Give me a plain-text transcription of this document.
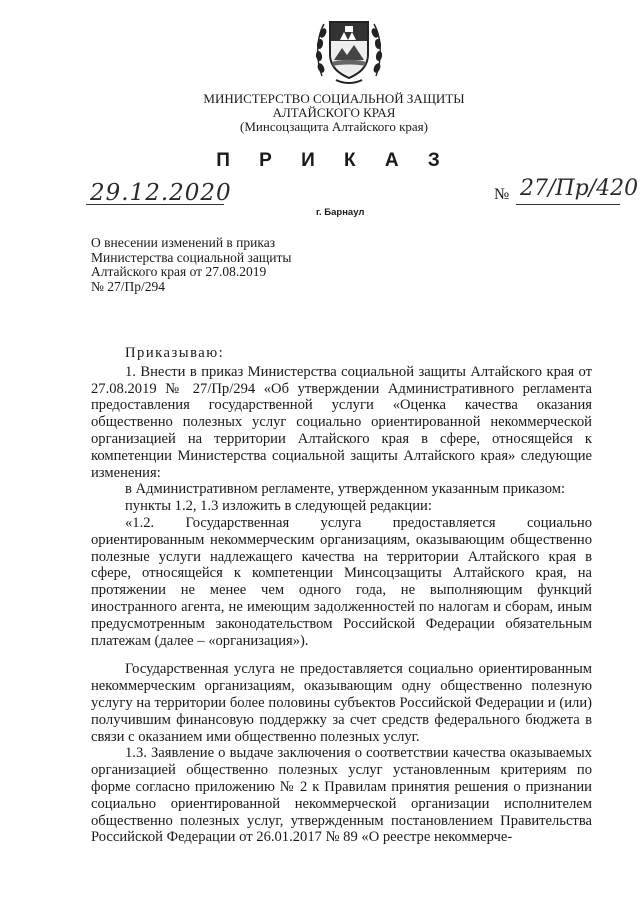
МИНИСТЕРСТВО СОЦИАЛЬНОЙ ЗАЩИТЫ
АЛТАЙСКОГО КРАЯ
(Минсоцзащита Алтайского края)
П Р И К А З
29.12.2020	№ 27/Пр/420
г. Барнаул
О внесении изменений в приказ
Министерства социальной защиты
Алтайского края от 27.08.2019
№ 27/Пр/294

Приказываю:

1. Внести в приказ Министерства социальной защиты Алтайского края от 27.08.2019 № 27/Пр/294 «Об утверждении Административного регламента предоставления государственной услуги «Оценка качества оказания общественно полезных услуг социально ориентированной некоммерческой организацией на территории Алтайского края в сфере, относящейся к компетенции Министерства социальной защиты Алтайского края» следующие изменения:

в Административном регламенте, утвержденном указанным приказом:

пункты 1.2, 1.3 изложить в следующей редакции:

«1.2. Государственная услуга предоставляется социально ориентированным некоммерческим организациям, оказывающим общественно полезные услуги надлежащего качества на территории Алтайского края в сфере, относящейся к компетенции Минсоцзащиты Алтайского края, на протяжении не менее чем одного года, не выполняющим функций иностранного агента, не имеющим задолженностей по налогам и сборам, иным предусмотренным законодательством Российской Федерации обязательным платежам (далее – «организация»).

Государственная услуга не предоставляется социально ориентированным некоммерческим организациям, оказывающим одну общественно полезную услугу на территории более половины субъектов Российской Федерации и (или) получившим финансовую поддержку за счет средств федерального бюджета в связи с оказанием ими общественно полезных услуг.

1.3. Заявление о выдаче заключения о соответствии качества оказываемых организацией общественно полезных услуг установленным критериям по форме согласно приложению № 2 к Правилам принятия решения о признании социально ориентированной некоммерческой организации исполнителем общественно полезных услуг, утвержденным постановлением Правительства Российской Федерации от 26.01.2017 № 89 «О реестре некоммерче-
